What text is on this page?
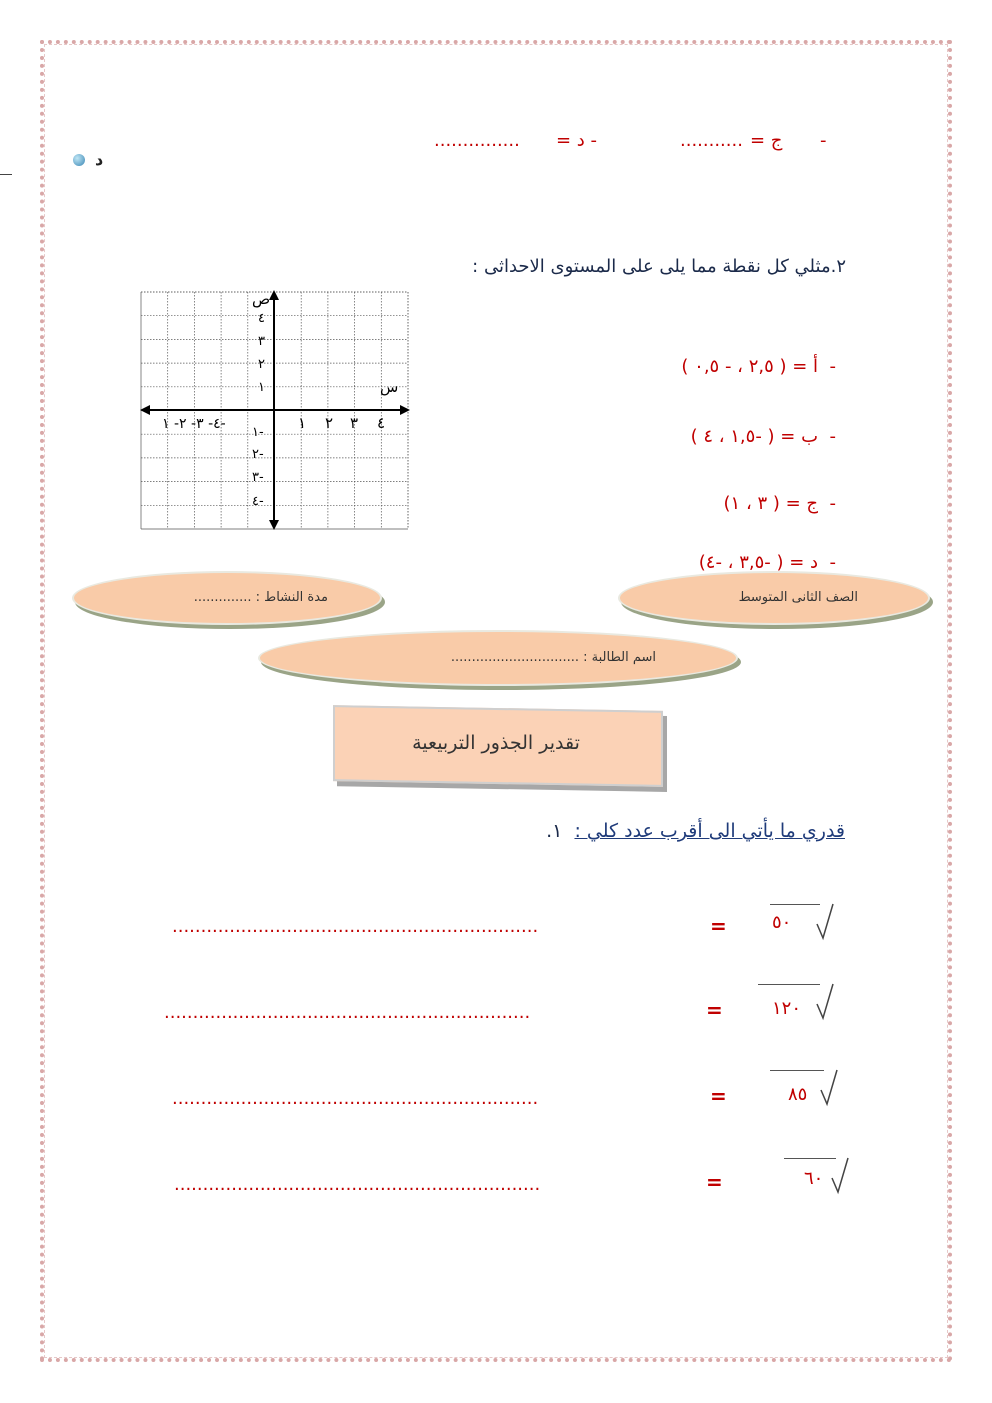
-
ج =
...........
- د =
...............
د
٢.مثلي كل نقطة مما يلى على المستوى الاحداثى :
-  أ = ( ٢,٥ ، - ٠,٥ )
-  ب = ( -١,٥ ، ٤ )
-  ج = ( ٣ ، ١)
-  د = ( -٣,٥ ، -٤)
س
ص
١ ٢ ٣ ٤
٤- ٣- ٢- ١-
٤
٣
٢
١
١-
٢-
٣-
٤-
مدة النشاط : ..............	الصف الثانى المتوسط
اسم الطالبة : ...............................
تقدير الجذور التربيعية
١. قدري ما يأتي الى أقرب عدد كلي :
٥٠
=
................................................................
١٢٠
=
................................................................
٨٥
=
................................................................
٦٠
=
................................................................
